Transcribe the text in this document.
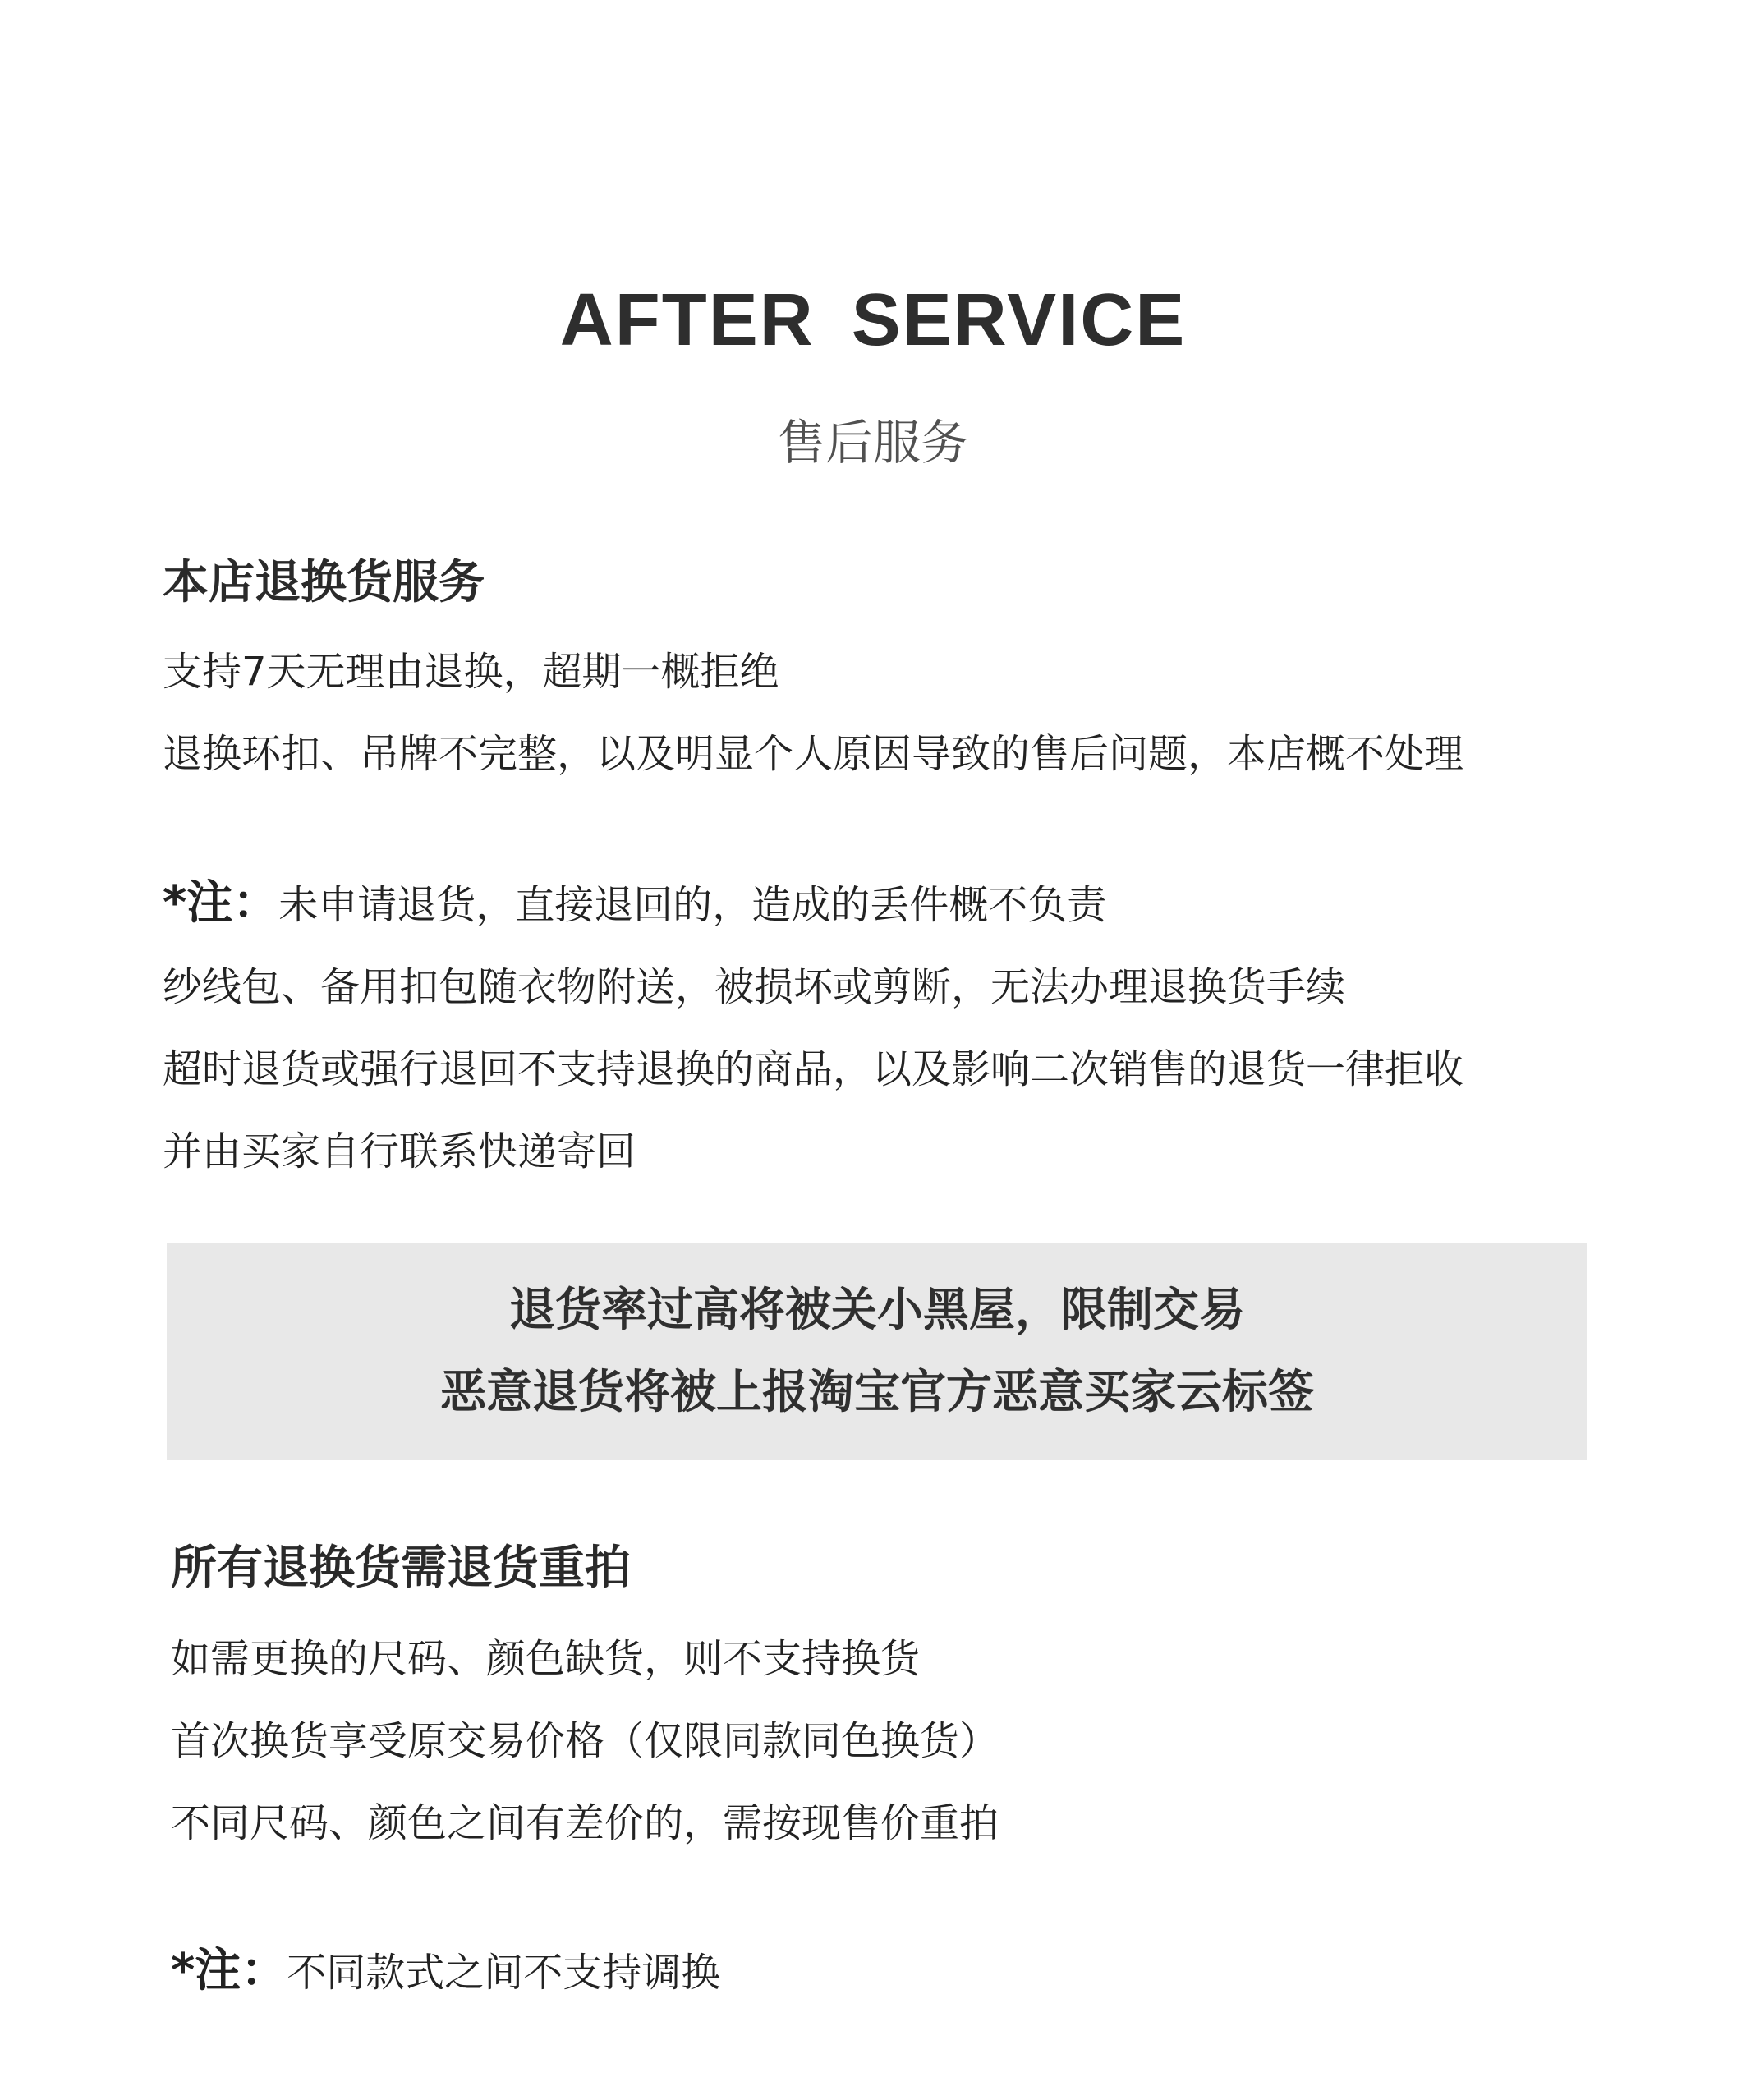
AFTER SERVICE
售后服务
本店退换货服务
支持7天无理由退换，超期一概拒绝
退换环扣、吊牌不完整，以及明显个人原因导致的售后问题，本店概不处理
*注：未申请退货，直接退回的，造成的丢件概不负责
纱线包、备用扣包随衣物附送，被损坏或剪断，无法办理退换货手续
超时退货或强行退回不支持退换的商品，以及影响二次销售的退货一律拒收
并由买家自行联系快递寄回
退货率过高将被关小黑屋，限制交易
恶意退货将被上报淘宝官方恶意买家云标签
所有退换货需退货重拍
如需更换的尺码、颜色缺货，则不支持换货
首次换货享受原交易价格（仅限同款同色换货）
不同尺码、颜色之间有差价的，需按现售价重拍
*注：不同款式之间不支持调换
